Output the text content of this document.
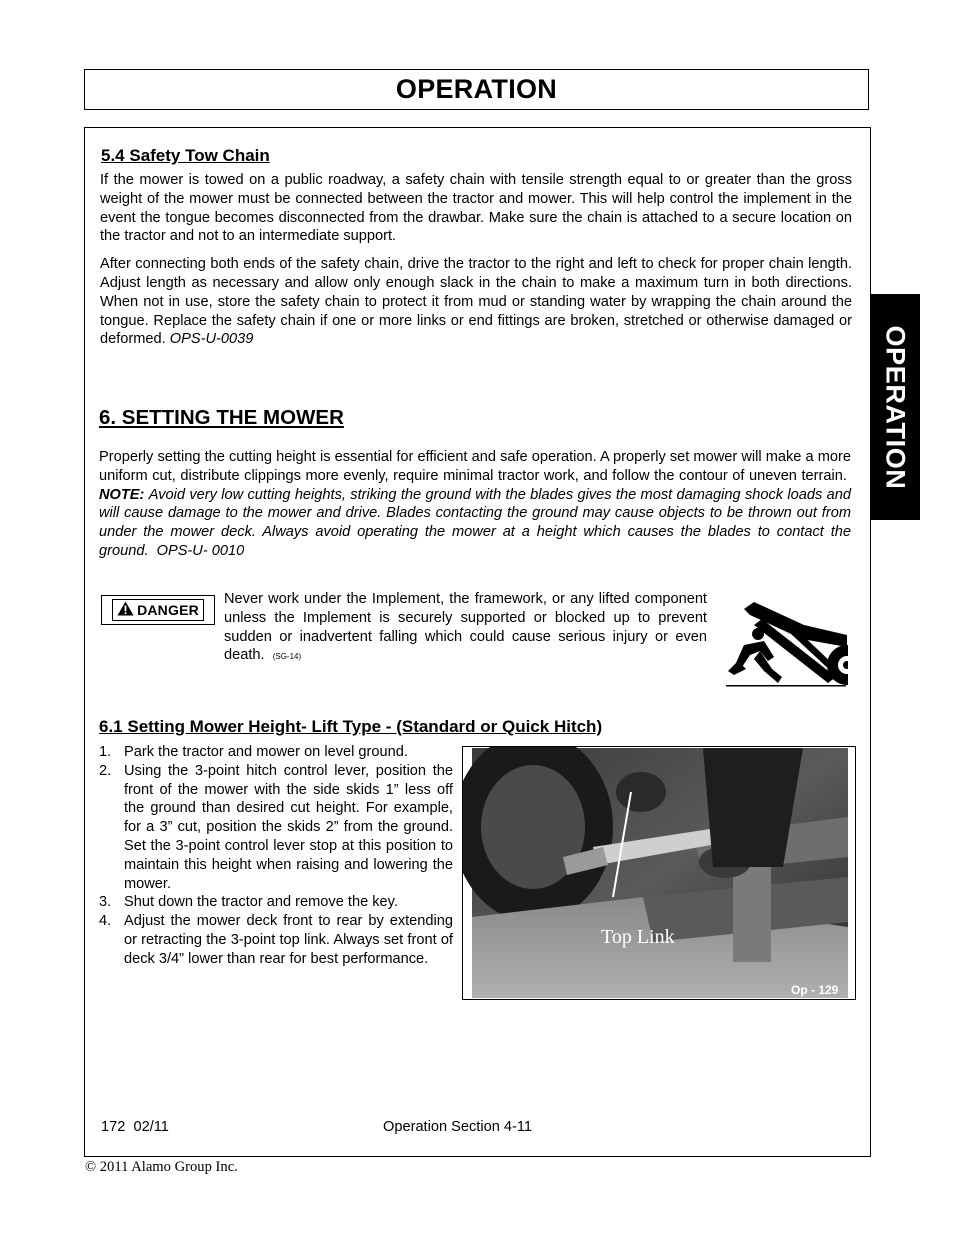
OPERATION
OPERATION
5.4 Safety Tow Chain

If the mower is towed on a public roadway, a safety chain with tensile strength equal to or greater than the gross weight of the mower must be connected between the tractor and mower. This will help control the implement in the event the tongue becomes disconnected from the drawbar. Make sure the chain is attached to a secure location on the tractor and not to an intermediate support.

After connecting both ends of the safety chain, drive the tractor to the right and left to check for proper chain length. Adjust length as necessary and allow only enough slack in the chain to make a maximum turn in both directions. When not in use, store the safety chain to protect it from mud or standing water by wrapping the chain around the tongue. Replace the safety chain if one or more links or end fittings are broken, stretched or otherwise damaged or deformed. OPS-U-0039

6. SETTING THE MOWER

Properly setting the cutting height is essential for efficient and safe operation. A properly set mower will make a more uniform cut, distribute clippings more evenly, require minimal tractor work, and follow the contour of uneven terrain.  NOTE: Avoid very low cutting heights, striking the ground with the blades gives the most damaging shock loads and will cause damage to the mower and drive. Blades contacting the ground may cause objects to be thrown out from under the mower deck. Always avoid operating the mower at a height which causes the blades to contact the ground. OPS-U- 0010

DANGER

Never work under the Implement, the framework, or any lifted component unless the Implement is securely supported or blocked up to prevent sudden or inadvertent falling which could cause serious injury or even death. (SG-14)

6.1 Setting Mower Height- Lift Type - (Standard or Quick Hitch)
1. Park the tractor and mower on level ground.
2. Using the 3-point hitch control lever, position the front of the mower with the side skids 1” less off the ground than desired cut height. For example, for a 3” cut, position the skids 2” from the ground. Set the 3-point control lever stop at this position to maintain this height when raising and lowering the mower.
3. Shut down the tractor and remove the key.
4. Adjust the mower deck front to rear by extending or retracting the 3-point top link. Always set front of deck 3/4” lower than rear for best performance.
Top Link
Op - 129
172 02/11	Operation Section 4-11
© 2011 Alamo Group Inc.
